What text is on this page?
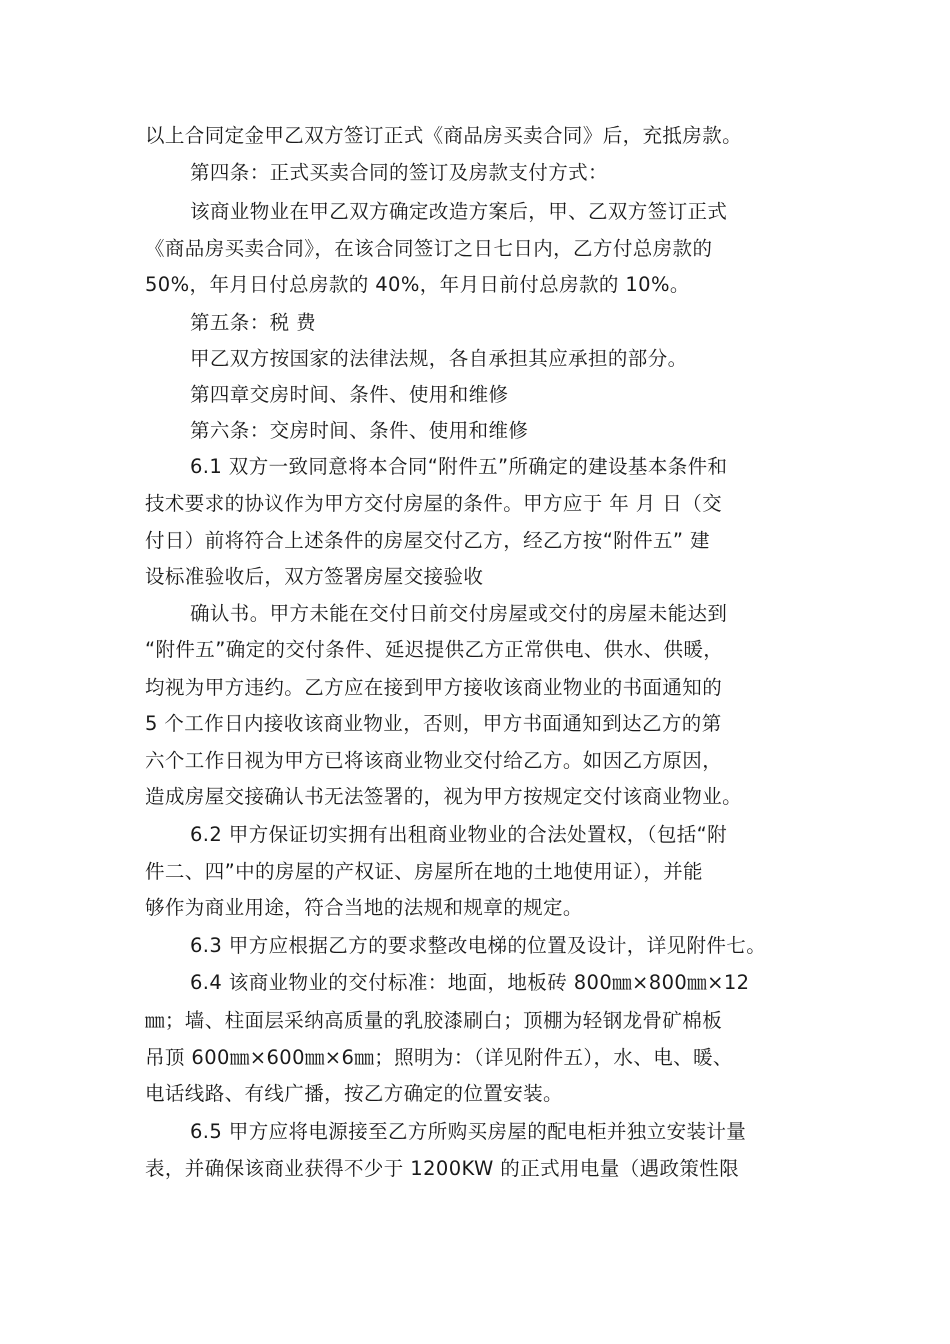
以上合同定金甲乙双方签订正式《商品房买卖合同》后，充抵房款。
第四条：正式买卖合同的签订及房款支付方式：
该商业物业在甲乙双方确定改造方案后，甲、乙双方签订正式
《商品房买卖合同》，在该合同签订之日七日内，乙方付总房款的
50%，年月日付总房款的 40%，年月日前付总房款的 10%。
第五条：税 费
甲乙双方按国家的法律法规，各自承担其应承担的部分。
第四章交房时间、条件、使用和维修
第六条：交房时间、条件、使用和维修
6.1 双方一致同意将本合同“附件五”所确定的建设基本条件和
技术要求的协议作为甲方交付房屋的条件。甲方应于 年 月 日（交
付日）前将符合上述条件的房屋交付乙方，经乙方按“附件五” 建
设标准验收后，双方签署房屋交接验收
确认书。甲方未能在交付日前交付房屋或交付的房屋未能达到
“附件五”确定的交付条件、延迟提供乙方正常供电、供水、供暖，
均视为甲方违约。乙方应在接到甲方接收该商业物业的书面通知的
5 个工作日内接收该商业物业，否则，甲方书面通知到达乙方的第
六个工作日视为甲方已将该商业物业交付给乙方。如因乙方原因，
造成房屋交接确认书无法签署的，视为甲方按规定交付该商业物业。
6.2 甲方保证切实拥有出租商业物业的合法处置权，（包括“附
件二、四”中的房屋的产权证、房屋所在地的土地使用证），并能
够作为商业用途，符合当地的法规和规章的规定。
6.3 甲方应根据乙方的要求整改电梯的位置及设计，详见附件七。
6.4 该商业物业的交付标准：地面，地板砖 800㎜×800㎜×12
㎜；墙、柱面层采纳高质量的乳胶漆刷白；顶棚为轻钢龙骨矿棉板
吊顶 600㎜×600㎜×6㎜；照明为：（详见附件五），水、电、暖、
电话线路、有线广播，按乙方确定的位置安装。
6.5 甲方应将电源接至乙方所购买房屋的配电柜并独立安装计量
表，并确保该商业获得不少于 1200KW 的正式用电量（遇政策性限
